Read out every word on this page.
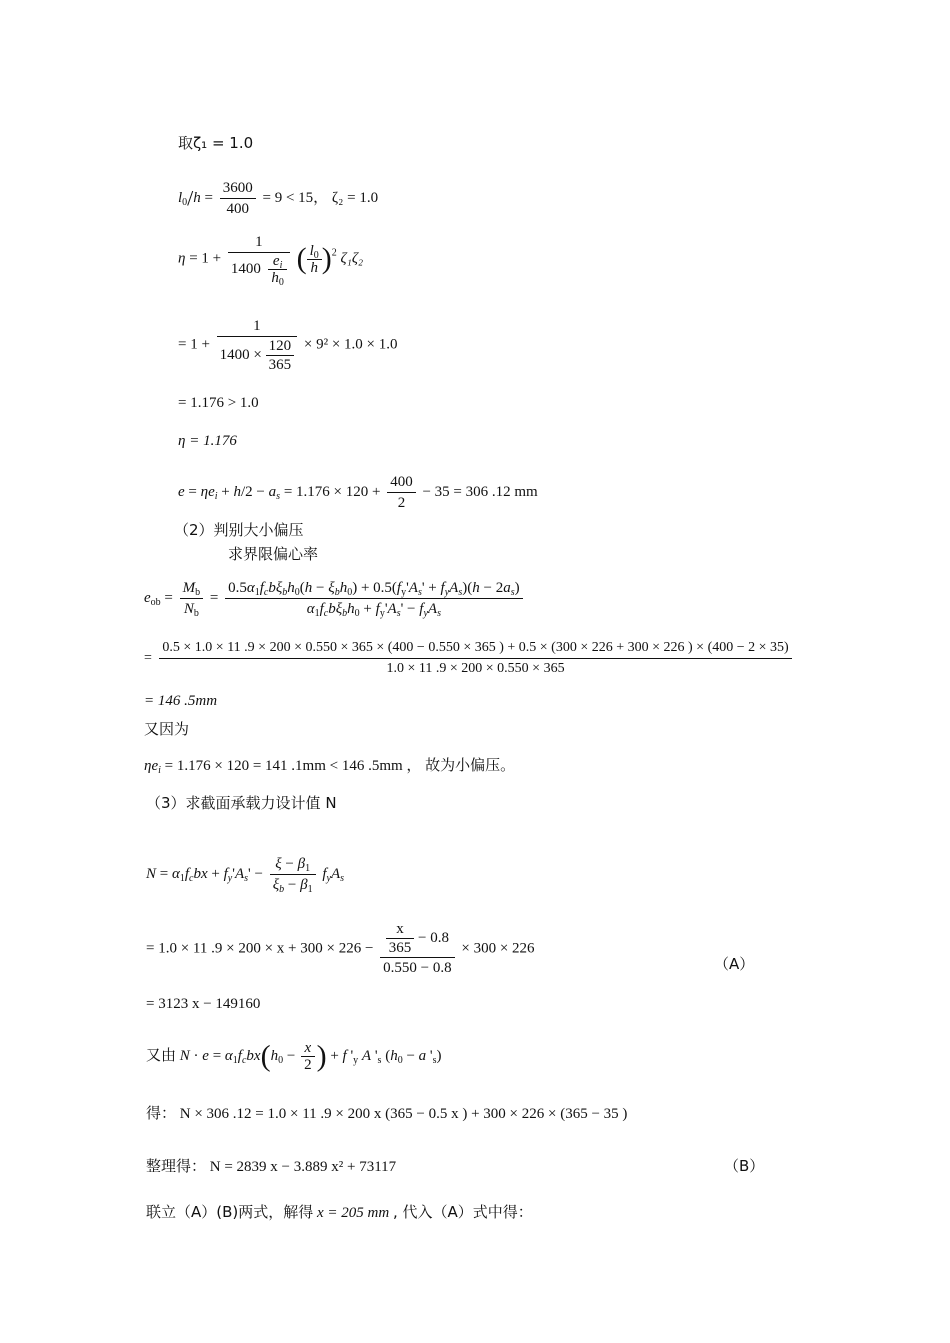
取ζ₁ = 1.0
$l_0/h = \frac{3600}{400} = 9 < 15$， ζ₂ = 1.0
$\eta = 1 + \frac{1}{1400 \frac{e_i}{h_0}}$ ( $\frac{l_0}{h} )^2$ ζ₁ζ₂
= $1 + \frac{1}{1400 \times \frac{120}{365}} \times 9^2 \times 1.0 \times 1.0$
= 1.176 > 1.0
η = 1.176
$e = \eta e_i + h/2 - a_s = 1.176 \times 120 + \frac{400}{2} - 35 = 306$ .12 mm
（2）判别大小偏压
求界限偏心率
$e_{ob} = \frac{M_b}{N_b} = \frac{0.5\alpha_1f_cb\xi_bh_0(h - \xi_bh_0) + 0.5(f_y'A_s' + f_yA_s)(h - 2a_s)}{\alpha_1f_cb\xi_bh_0 + f_y'A_s' - f_yA_s}$
=
0.5 × 1.0 × 11 .9 × 200 × 0.550 × 365 × (400 − 0.550 × 365 ) + 0.5 × (300 × 226 + 300 × 226 ) × (400 − 2 × 35)
1.0 × 11 .9 × 200 × 0.550 × 365
= 146 .5mm
又因为
$\eta e_i = 1.176 \times 120 = 141$ .1mm < 146 .5mm ， 故为小偏压。
（3）求截面承载力设计值 N
$N = \alpha_1f_cbx + f_y'A_s' - \frac{\xi - \beta_1}{\xi_b - \beta_1} f_yA_s$
= 1.0 × 11 $.9 \times 200 \times x + 300 \times 226 - \frac{\frac{x}{365} - 0.8}{0.550 - 0.8} \times 300 \times 226$
（A）
= 3123 x − 149160
又由 $N \cdot e = \alpha_1f_cbx(h_0 - \frac{x}{2}$ ) + f '$_y$ A '$_s$ ($h_0 - a$ '$_s$)
得： N × 306 .12 = 1.0 × 11 .9 × 200 x (365 − 0.5 x ) + 300 × 226 × (365 − 35 )
整理得： N = 2839 x − 3.889 x² + 73117	（B）
联立（A）(B)两式，解得 x = 205 mm , 代入（A）式中得：
